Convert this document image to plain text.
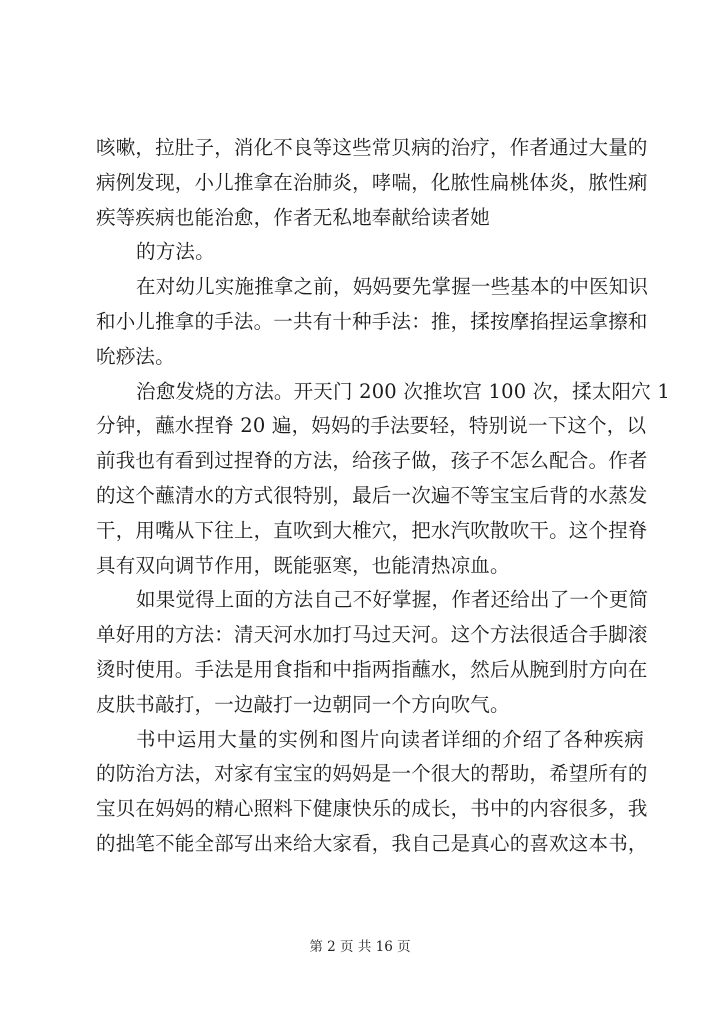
咳嗽，拉肚子，消化不良等这些常贝病的治疗，作者通过大量的
病例发现，小儿推拿在治肺炎，哮喘，化脓性扁桃体炎，脓性痢
疾等疾病也能治愈，作者无私地奉献给读者她
的方法。
在对幼儿实施推拿之前，妈妈要先掌握一些基本的中医知识
和小儿推拿的手法。一共有十种手法：推，揉按摩掐捏运拿擦和
吮痧法。
治愈发烧的方法。开天门 200 次推坎宫 100 次，揉太阳穴 1
分钟，蘸水捏脊 20 遍，妈妈的手法要轻，特别说一下这个，以
前我也有看到过捏脊的方法，给孩子做，孩子不怎么配合。作者
的这个蘸清水的方式很特别，最后一次遍不等宝宝后背的水蒸发
干，用嘴从下往上，直吹到大椎穴，把水汽吹散吹干。这个捏脊
具有双向调节作用，既能驱寒，也能清热凉血。
如果觉得上面的方法自己不好掌握，作者还给出了一个更简
单好用的方法：清天河水加打马过天河。这个方法很适合手脚滚
烫时使用。手法是用食指和中指两指蘸水，然后从腕到肘方向在
皮肤书敲打，一边敲打一边朝同一个方向吹气。
书中运用大量的实例和图片向读者详细的介绍了各种疾病
的防治方法，对家有宝宝的妈妈是一个很大的帮助，希望所有的
宝贝在妈妈的精心照料下健康快乐的成长，书中的内容很多，我
的拙笔不能全部写出来给大家看，我自己是真心的喜欢这本书，
第 2 页 共 16 页
